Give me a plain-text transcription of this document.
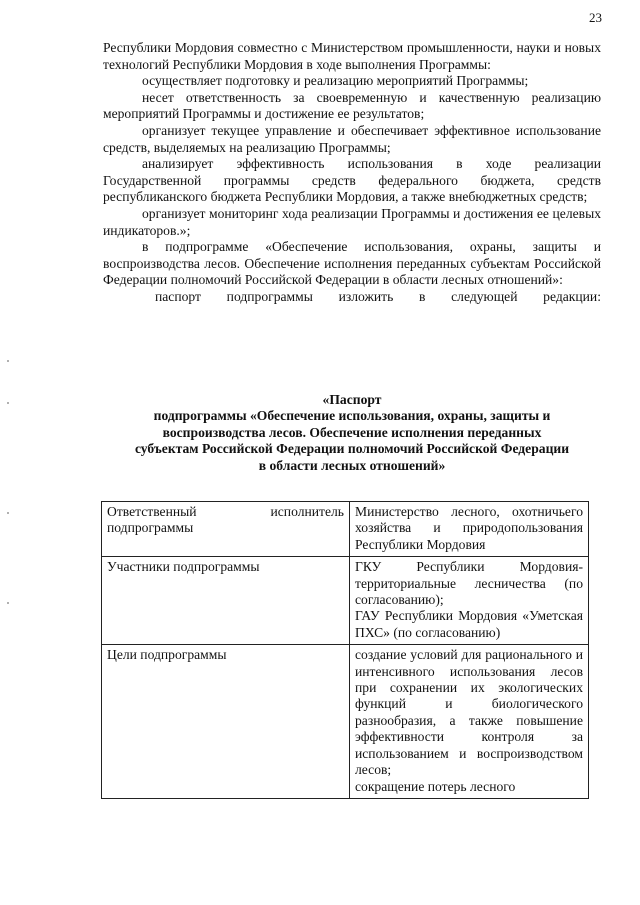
23

Республики Мордовия совместно с Министерством промышленности, науки и новых технологий Республики Мордовия в ходе выполнения Программы:

осуществляет подготовку и реализацию мероприятий Программы;

несет ответственность за своевременную и качественную реализацию мероприятий Программы и достижение ее результатов;

организует текущее управление и обеспечивает эффективное использование средств, выделяемых на реализацию Программы;

анализирует эффективность использования в ходе реализации Государственной программы средств федерального бюджета, средств республиканского бюджета Республики Мордовия, а также внебюджетных средств;

организует мониторинг хода реализации Программы и достижения ее целевых индикаторов.»;

в подпрограмме «Обеспечение использования, охраны, защиты и воспроизводства лесов. Обеспечение исполнения переданных субъектам Российской Федерации полномочий Российской Федерации в области лесных отношений»:

паспорт подпрограммы изложить в следующей редакции:

«Паспорт
подпрограммы «Обеспечение использования, охраны, защиты и
воспроизводства лесов. Обеспечение исполнения переданных
субъектам Российской Федерации полномочий Российской Федерации
в области лесных отношений»
Ответственный исполнитель подпрограммы	Министерство лесного, охотничьего хозяйства и природопользования Республики Мордовия

Участники подпрограммы	ГКУ Республики Мордовия-территориальные лесничества (по согласованию);

ГАУ Республики Мордовия «Уметская ПХС» (по согласованию)

Цели подпрограммы	создание условий для рационального и интенсивного использования лесов при сохранении их экологических функций и биологического разнообразия, а также повышение эффективности контроля за использованием и воспроизводством лесов;

сокращение потерь лесного
